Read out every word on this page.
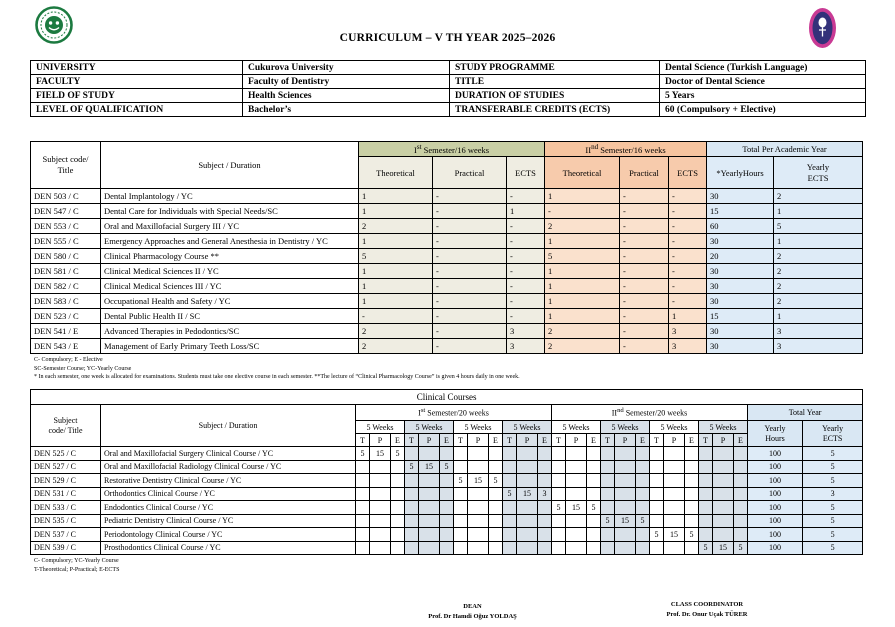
CURRICULUM – V TH YEAR 2025–2026
UNIVERSITY	Cukurova University	STUDY PROGRAMME	Dental Science (Turkish Language)
FACULTY	Faculty of Dentistry	TITLE	Doctor of Dental Science
FIELD OF STUDY	Health Sciences	DURATION OF STUDIES	5 Years
LEVEL OF QUALIFICATION	Bachelor’s	TRANSFERABLE CREDITS (ECTS)	60 (Compulsory + Elective)
Subject code/
Title	Subject / Duration	Ist Semester/16 weeks			IInd Semester/16 weeks			Total Per Academic Year	
		Theoretical	Practical	ECTS	Theoretical	Practical	ECTS	*YearlyHours	Yearly
ECTS

DEN 503 / C	Dental Implantology / YC	1	-	-	1	-	-	30	2
DEN 547 / C	Dental Care for Individuals with Special Needs/SC	1	-	1	-	-	-	15	1
DEN 553 / C	Oral and Maxillofacial Surgery III / YC	2	-	-	2	-	-	60	5
DEN 555 / C	Emergency Approaches and General Anesthesia in Dentistry / YC	1	-	-	1	-	-	30	1
DEN 580 / C	Clinical Pharmacology Course **	5	-	-	5	-	-	20	2
DEN 581 / C	Clinical Medical Sciences II / YC	1	-	-	1	-	-	30	2
DEN 582 / C	Clinical Medical Sciences III / YC	1	-	-	1	-	-	30	2
DEN 583 / C	Occupational Health and Safety / YC	1	-	-	1	-	-	30	2
DEN 523 / C	Dental Public Health II / SC	-	-	-	1	-	1	15	1
DEN 541 / E	Advanced Therapies in Pedodontics/SC	2	-	3	2	-	3	30	3
DEN 543 / E	Management of Early Primary Teeth Loss/SC	2	-	3	2	-	3	30	3
C- Compulsory; E - Elective
SC-Semester Course; YC-Yearly Course
* In each semester, one week is allocated for examinations. Students must take one elective course in each semester. **The lecture of “Clinical Pharmacology Course” is given 4 hours daily in one week.
Clinical Courses																											

Subject
code/ Title	Subject / Duration	Ist Semester/20 weeks												IInd Semester/20 weeks												Total Year	
		5 Weeks			5 Weeks			5 Weeks			5 Weeks			5 Weeks			5 Weeks			5 Weeks			5 Weeks			Yearly
Hours	Yearly
ECTS

		T	P	E	T	P	E	T	P	E	T	P	E	T	P	E	T	P	E	T	P	E	T	P	E		
DEN 525 / C	Oral and Maxillofacial Surgery Clinical Course / YC	5	15	5																						100	5
DEN 527 / C	Oral and Maxillofacial Radiology Clinical Course / YC				5	15	5																			100	5
DEN 529 / C	Restorative Dentistry Clinical Course / YC							5	15	5																100	5
DEN 531 / C	Orthodontics Clinical Course / YC										5	15	3													100	3
DEN 533 / C	Endodontics Clinical Course / YC													5	15	5										100	5
DEN 535 / C	Pediatric Dentistry Clinical Course / YC																5	15	5							100	5
DEN 537 / C	Periodontology Clinical Course / YC																			5	15	5				100	5
DEN 539 / C	Prosthodontics Clinical Course / YC																						5	15	5	100	5
C- Compulsory; YC-Yearly Course
T-Theoretical; P-Practical; E-ECTS
DEAN
Prof. Dr Hamdi Oğuz YOLDAŞ
CLASS COORDINATOR
Prof. Dr. Onur Uçak TÜRER
